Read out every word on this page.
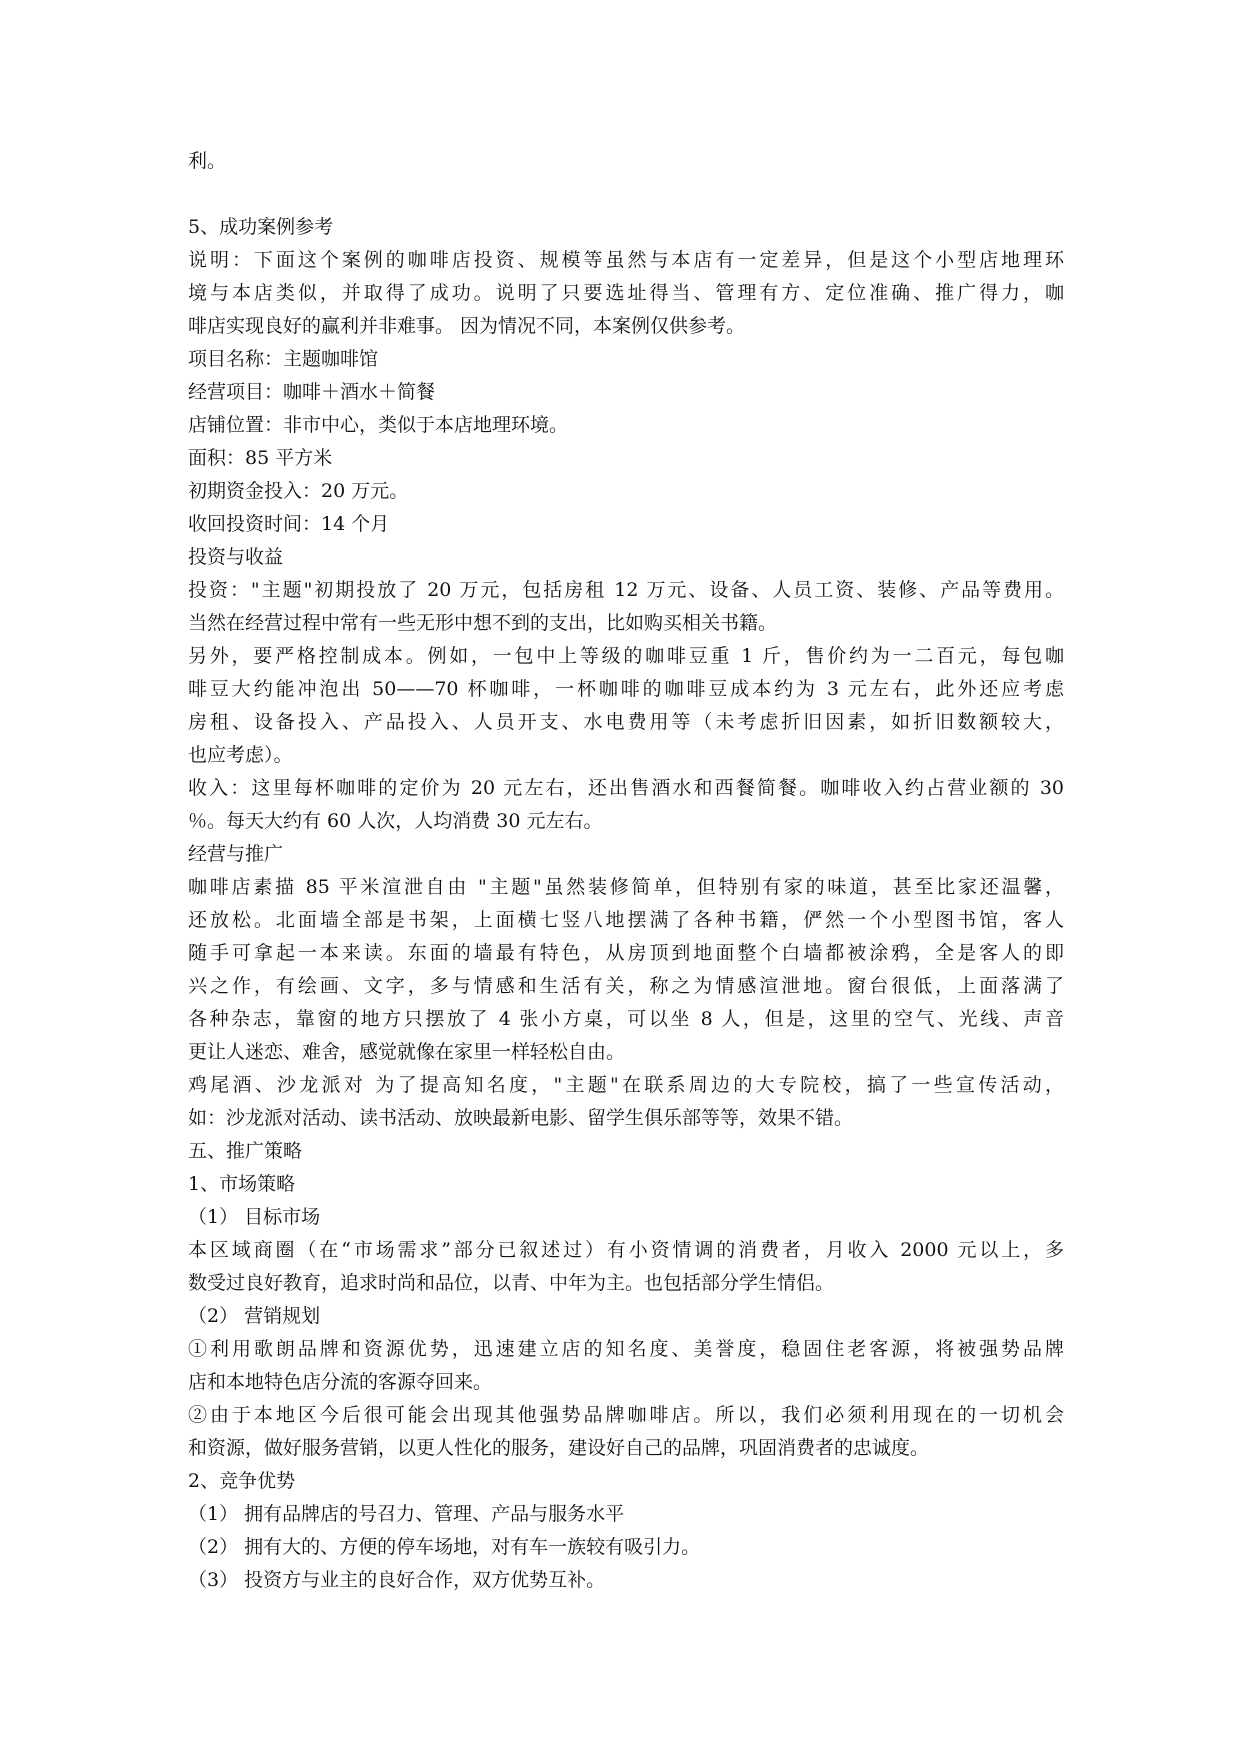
利。
5、成功案例参考
说明：下面这个案例的咖啡店投资、规模等虽然与本店有一定差异，但是这个小型店地理环
境与本店类似，并取得了成功。说明了只要选址得当、管理有方、定位准确、推广得力，咖
啡店实现良好的赢利并非难事。 因为情况不同，本案例仅供参考。
项目名称：主题咖啡馆
经营项目：咖啡＋酒水＋简餐
店铺位置：非市中心，类似于本店地理环境。
面积：85 平方米
初期资金投入：20 万元。
收回投资时间：14 个月
投资与收益
投资："主题"初期投放了 20 万元，包括房租 12 万元、设备、人员工资、装修、产品等费用。
当然在经营过程中常有一些无形中想不到的支出，比如购买相关书籍。
另外，要严格控制成本。例如，一包中上等级的咖啡豆重 1 斤，售价约为一二百元，每包咖
啡豆大约能冲泡出 50——70 杯咖啡，一杯咖啡的咖啡豆成本约为 3 元左右，此外还应考虑
房租、设备投入、产品投入、人员开支、水电费用等（未考虑折旧因素，如折旧数额较大，
也应考虑）。
收入：这里每杯咖啡的定价为 20 元左右，还出售酒水和西餐简餐。咖啡收入约占营业额的 30
％。每天大约有 60 人次，人均消费 30 元左右。
经营与推广
咖啡店素描 85 平米渲泄自由 "主题"虽然装修简单，但特别有家的味道，甚至比家还温馨，
还放松。北面墙全部是书架，上面横七竖八地摆满了各种书籍，俨然一个小型图书馆，客人
随手可拿起一本来读。东面的墙最有特色，从房顶到地面整个白墙都被涂鸦，全是客人的即
兴之作，有绘画、文字，多与情感和生活有关，称之为情感渲泄地。窗台很低，上面落满了
各种杂志，靠窗的地方只摆放了 4 张小方桌，可以坐 8 人，但是，这里的空气、光线、声音
更让人迷恋、难舍，感觉就像在家里一样轻松自由。
鸡尾酒、沙龙派对 为了提高知名度，"主题"在联系周边的大专院校，搞了一些宣传活动，
如：沙龙派对活动、读书活动、放映最新电影、留学生俱乐部等等，效果不错。
五、推广策略
1、市场策略
（1） 目标市场
本区域商圈（在“市场需求”部分已叙述过）有小资情调的消费者，月收入 2000 元以上，多
数受过良好教育，追求时尚和品位，以青、中年为主。也包括部分学生情侣。
（2） 营销规划
①利用歌朗品牌和资源优势，迅速建立店的知名度、美誉度，稳固住老客源，将被强势品牌
店和本地特色店分流的客源夺回来。
②由于本地区今后很可能会出现其他强势品牌咖啡店。所以，我们必须利用现在的一切机会
和资源，做好服务营销，以更人性化的服务，建设好自己的品牌，巩固消费者的忠诚度。
2、竞争优势
（1） 拥有品牌店的号召力、管理、产品与服务水平
（2） 拥有大的、方便的停车场地，对有车一族较有吸引力。
（3） 投资方与业主的良好合作，双方优势互补。
